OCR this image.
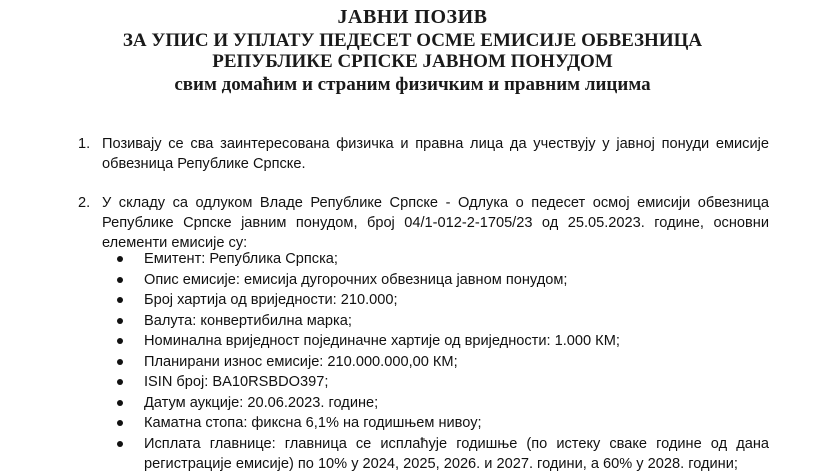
ЈАВНИ ПОЗИВ
ЗА УПИС И УПЛАТУ ПЕДЕСЕТ ОСМЕ ЕМИСИЈЕ ОБВЕЗНИЦА
РЕПУБЛИКЕ СРПСКЕ ЈАВНОМ ПОНУДОМ
свим домаћим и страним физичким и правним лицима
1. Позивају се сва заинтересована физичка и правна лица да учествују у јавној понуди емисије обвезница Републике Српске.
2. У складу са одлуком Владе Републике Српске - Одлука о педесет осмој емисији обвезница Републике Српске јавним понудом, број 04/1-012-2-1705/23 од 25.05.2023. године, основни елементи емисије су:
Емитент: Република Српска;
Опис емисије: емисија дугорочних обвезница јавном понудом;
Број хартија од вриједности: 210.000;
Валута: конвертибилна марка;
Номинална вриједност појединачне хартије од вриједности: 1.000 КМ;
Планирани износ емисије: 210.000.000,00 КМ;
ISIN број: BA10RSBDO397;
Датум аукције: 20.06.2023. године;
Каматна стопа: фиксна 6,1% на годишњем нивоу;
Исплата главнице: главница се исплаћује годишње (по истеку сваке године од дана регистрације емисије) по 10% у 2024, 2025, 2026. и 2027. години, а 60% у 2028. години;
